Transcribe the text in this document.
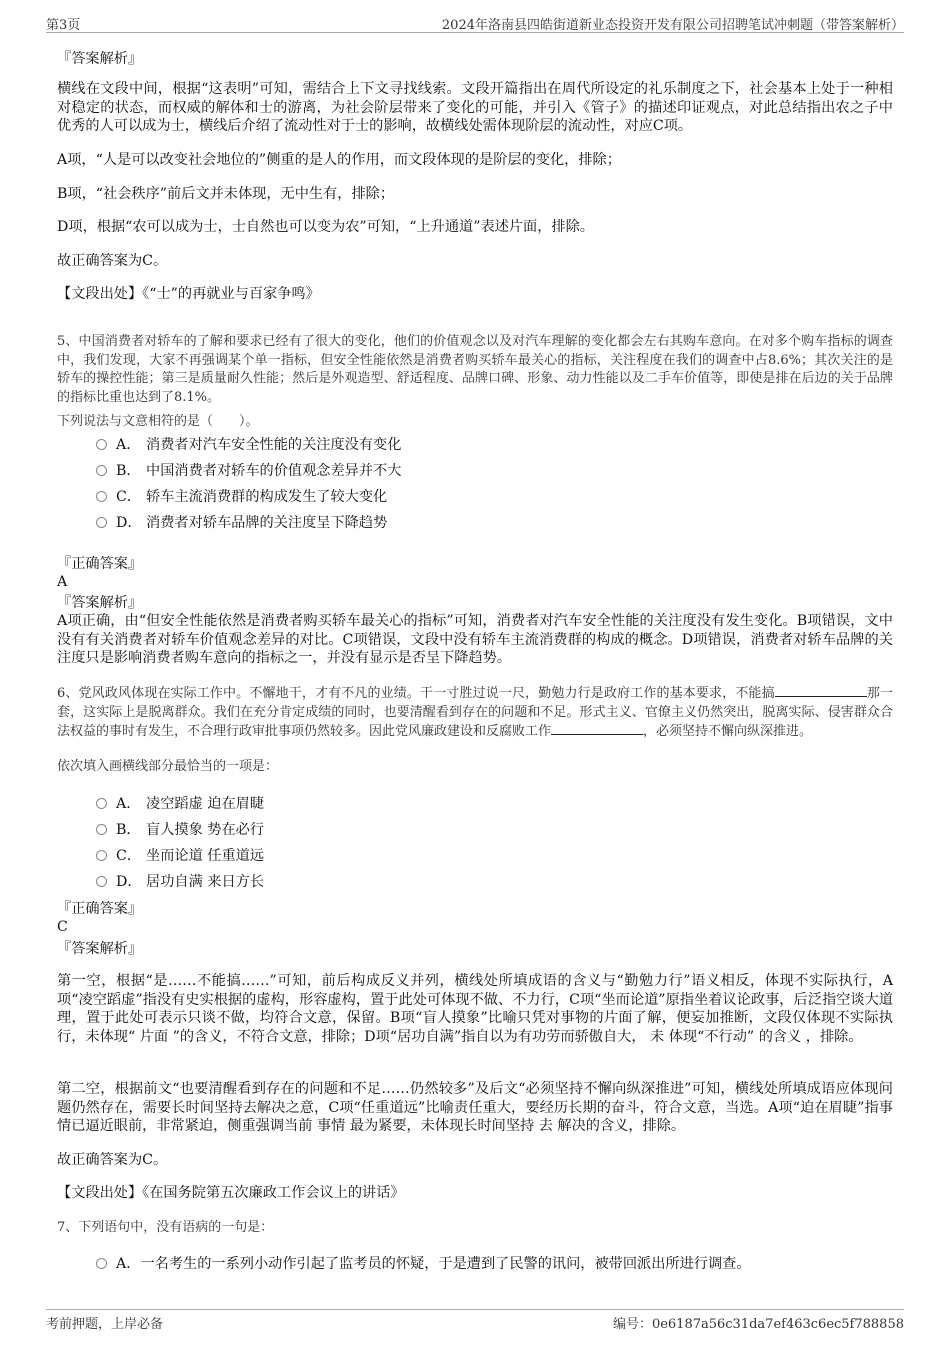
第3页	2024年洛南县四皓街道新业态投资开发有限公司招聘笔试冲刺题（带答案解析）
『答案解析』
横线在文段中间，根据“这表明”可知，需结合上下文寻找线索。文段开篇指出在周代所设定的礼乐制度之下，社会基本上处于一种相对稳定的状态，而权威的解体和士的游离，为社会阶层带来了变化的可能，并引入《管子》的描述印证观点，对此总结指出农之子中优秀的人可以成为士，横线后介绍了流动性对于士的影响，故横线处需体现阶层的流动性，对应C项。
A项，“人是可以改变社会地位的”侧重的是人的作用，而文段体现的是阶层的变化，排除；
B项，“社会秩序”前后文并未体现，无中生有，排除；
D项，根据“农可以成为士，士自然也可以变为农”可知，“上升通道”表述片面，排除。
故正确答案为C。
【文段出处】《“士”的再就业与百家争鸣》
5、中国消费者对轿车的了解和要求已经有了很大的变化，他们的价值观念以及对汽车理解的变化都会左右其购车意向。在对多个购车指标的调查中，我们发现，大家不再强调某个单一指标，但安全性能依然是消费者购买轿车最关心的指标，关注程度在我们的调查中占8.6%；其次关注的是轿车的操控性能；第三是质量耐久性能；然后是外观造型、舒适程度、品牌口碑、形象、动力性能以及二手车价值等，即使是排在后边的关于品牌的指标比重也达到了8.1%。
下列说法与文意相符的是（　　）。
A． 消费者对汽车安全性能的关注度没有变化
B． 中国消费者对轿车的价值观念差异并不大
C． 轿车主流消费群的构成发生了较大变化
D． 消费者对轿车品牌的关注度呈下降趋势
『正确答案』
A
『答案解析』
A项正确，由“但安全性能依然是消费者购买轿车最关心的指标”可知，消费者对汽车安全性能的关注度没有发生变化。B项错误，文中没有有关消费者对轿车价值观念差异的对比。C项错误，文段中没有轿车主流消费群的构成的概念。D项错误，消费者对轿车品牌的关注度只是影响消费者购车意向的指标之一，并没有显示是否呈下降趋势。
6、党风政风体现在实际工作中。不懈地干，才有不凡的业绩。干一寸胜过说一尺，勤勉力行是政府工作的基本要求，不能搞	那一套，这实际上是脱离群众。我们在充分肯定成绩的同时，也要清醒看到存在的问题和不足。形式主义、官僚主义仍然突出，脱离实际、侵害群众合法权益的事时有发生，不合理行政审批事项仍然较多。因此党风廉政建设和反腐败工作	，必须坚持不懈向纵深推进。
依次填入画横线部分最恰当的一项是：
A． 凌空蹈虚 迫在眉睫
B． 盲人摸象 势在必行
C． 坐而论道 任重道远
D． 居功自满 来日方长
『正确答案』
C
『答案解析』
第一空，根据“是……不能搞……”可知，前后构成反义并列，横线处所填成语的含义与“勤勉力行”语义相反，体现不实际执行，A项“凌空蹈虚”指没有史实根据的虚构，形容虚构，置于此处可体现不做、不力行，C项“坐而论道”原指坐着议论政事，后泛指空谈大道理，置于此处可表示只谈不做，均符合文意，保留。B项“盲人摸象”比喻只凭对事物的片面了解，便妄加推断，文段仅体现不实际执行，未体现“ 片面 ”的含义，不符合文意，排除；D项“居功自满”指自以为有功劳而骄傲自大， 未 体现“不行动” 的含义 ，排除。
第二空，根据前文“也要清醒看到存在的问题和不足……仍然较多”及后文“必须坚持不懈向纵深推进”可知，横线处所填成语应体现问题仍然存在，需要长时间坚持去解决之意，C项“任重道远”比喻责任重大，要经历长期的奋斗，符合文意，当选。A项“迫在眉睫”指事情已逼近眼前，非常紧迫，侧重强调当前 事情 最为紧要，未体现长时间坚持 去 解决的含义，排除。
故正确答案为C。
【文段出处】《在国务院第五次廉政工作会议上的讲话》
7、下列语句中，没有语病的一句是：
A．一名考生的一系列小动作引起了监考员的怀疑，于是遭到了民警的讯问，被带回派出所进行调查。
考前押题，上岸必备	编号：0e6187a56c31da7ef463c6ec5f788858
